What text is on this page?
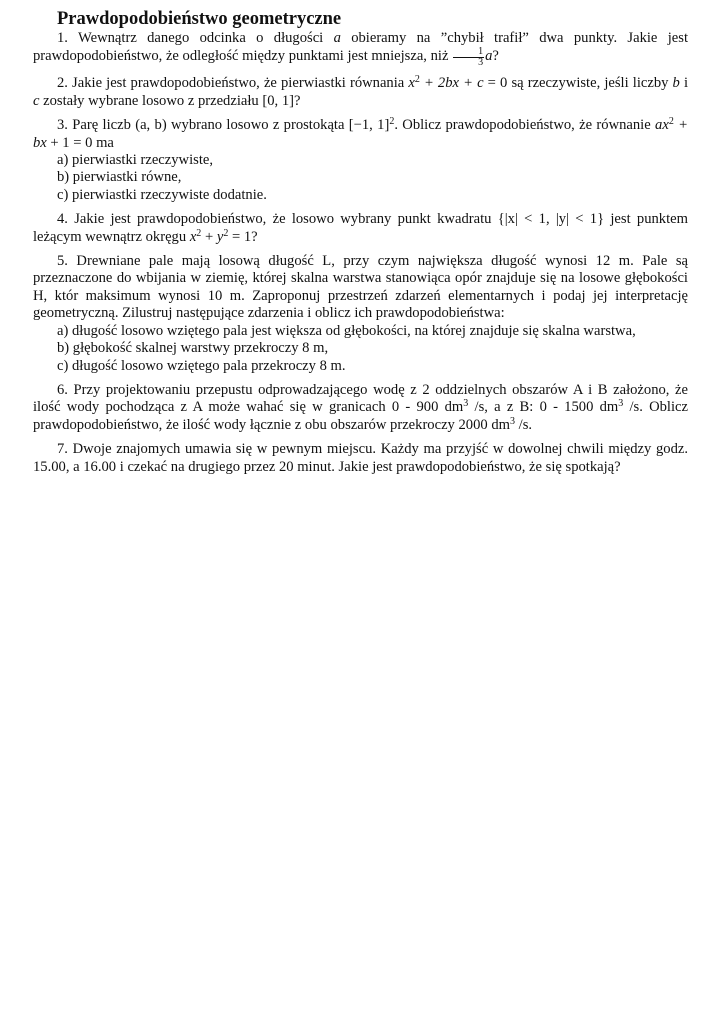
Prawdopodobieństwo geometryczne

1. Wewnątrz danego odcinka o długości a obieramy na ”chybił trafił” dwa punkty. Jakie jest prawdopodobieństwo, że odległość między punktami jest mniejsza, niż $\frac{1}{3} a$?

2. Jakie jest prawdopodobieństwo, że pierwiastki równania $x^2 + 2bx + c = 0$ są rzeczywiste, jeśli liczby b i c zostały wybrane losowo z przedziału [0, 1]?

3. Parę liczb (a, b) wybrano losowo z prostokąta [−1, 1]$^2$. Oblicz prawdopodobieństwo, że równanie $ax^2$ + bx + 1 = 0 ma

a) pierwiastki rzeczywiste,
b) pierwiastki równe,
c) pierwiastki rzeczywiste dodatnie.

4. Jakie jest prawdopodobieństwo, że losowo wybrany punkt kwadratu {|x| < 1, |y| < 1} jest punktem leżącym wewnątrz okręgu $x^2 + y^2 = 1$?

5. Drewniane pale mają losową długość L, przy czym największa długość wynosi 12 m. Pale są przeznaczone do wbijania w ziemię, której skalna warstwa stanowiąca opór znajduje się na losowe głębokości H, któr maksimum wynosi 10 m. Zaproponuj przestrzeń zdarzeń elementarnych i podaj jej interpretację geometryczną. Zilustruj następujące zdarzenia i oblicz ich prawdopodobieństwa:

a) długość losowo wziętego pala jest większa od głębokości, na której znajduje się skalna warstwa,
b) głębokość skalnej warstwy przekroczy 8 m,
c) długość losowo wziętego pala przekroczy 8 m.

6. Przy projektowaniu przepustu odprowadzającego wodę z 2 oddzielnych obszarów A i B założono, że ilość wody pochodząca z A może wahać się w granicach 0 - 900 $dm^3$ /s, a z B: 0 - 1500 $dm^3$ /s. Oblicz prawdopodobieństwo, że ilość wody łącznie z obu obszarów przekroczy 2000 $dm^3$ /s.

7. Dwoje znajomych umawia się w pewnym miejscu. Każdy ma przyjść w dowolnej chwili między godz. 15.00, a 16.00 i czekać na drugiego przez 20 minut. Jakie jest prawdopodobieństwo, że się spotkają?
